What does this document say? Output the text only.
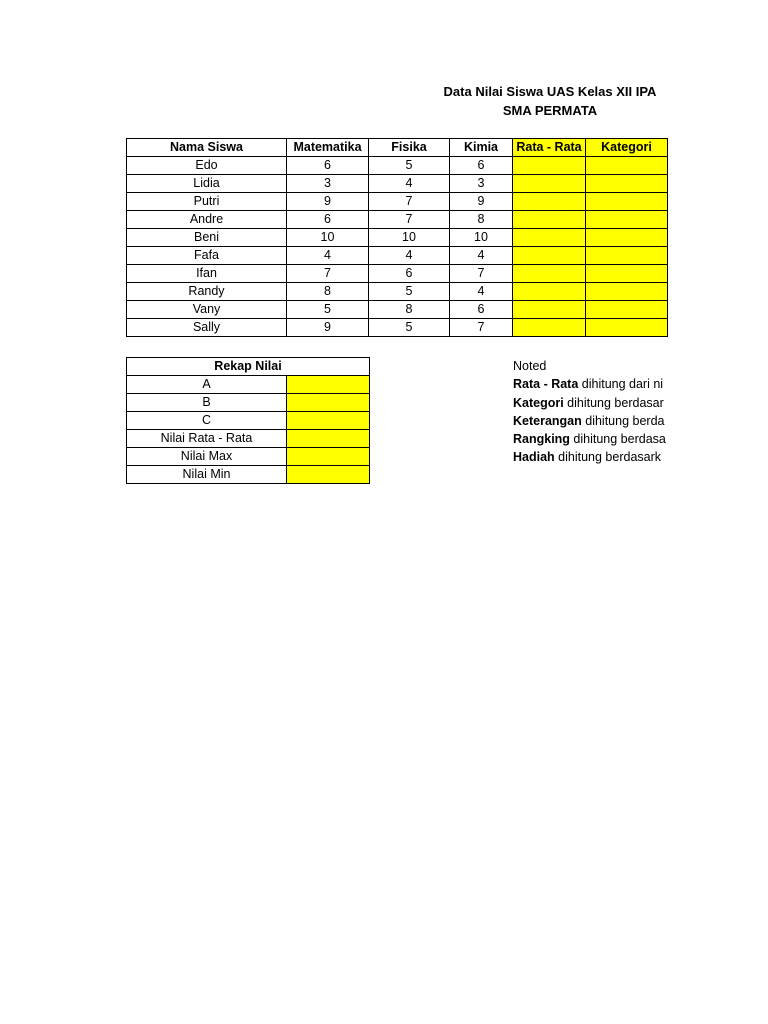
Data Nilai Siswa UAS Kelas XII IPA
SMA PERMATA
Nama Siswa	Matematika	Fisika	Kimia	Rata - Rata	Kategori
Edo	6	5	6		
Lidia	3	4	3		
Putri	9	7	9		
Andre	6	7	8		
Beni	10	10	10		
Fafa	4	4	4		
Ifan	7	6	7		
Randy	8	5	4		
Vany	5	8	6		
Sally	9	5	7		
Rekap Nilai	
A	
B	
C	
Nilai Rata - Rata	
Nilai Max	
Nilai Min	
Noted
Rata - Rata dihitung dari ni
Kategori dihitung berdasar
Keterangan dihitung berda
Rangking dihitung berdasa
Hadiah dihitung berdasark
